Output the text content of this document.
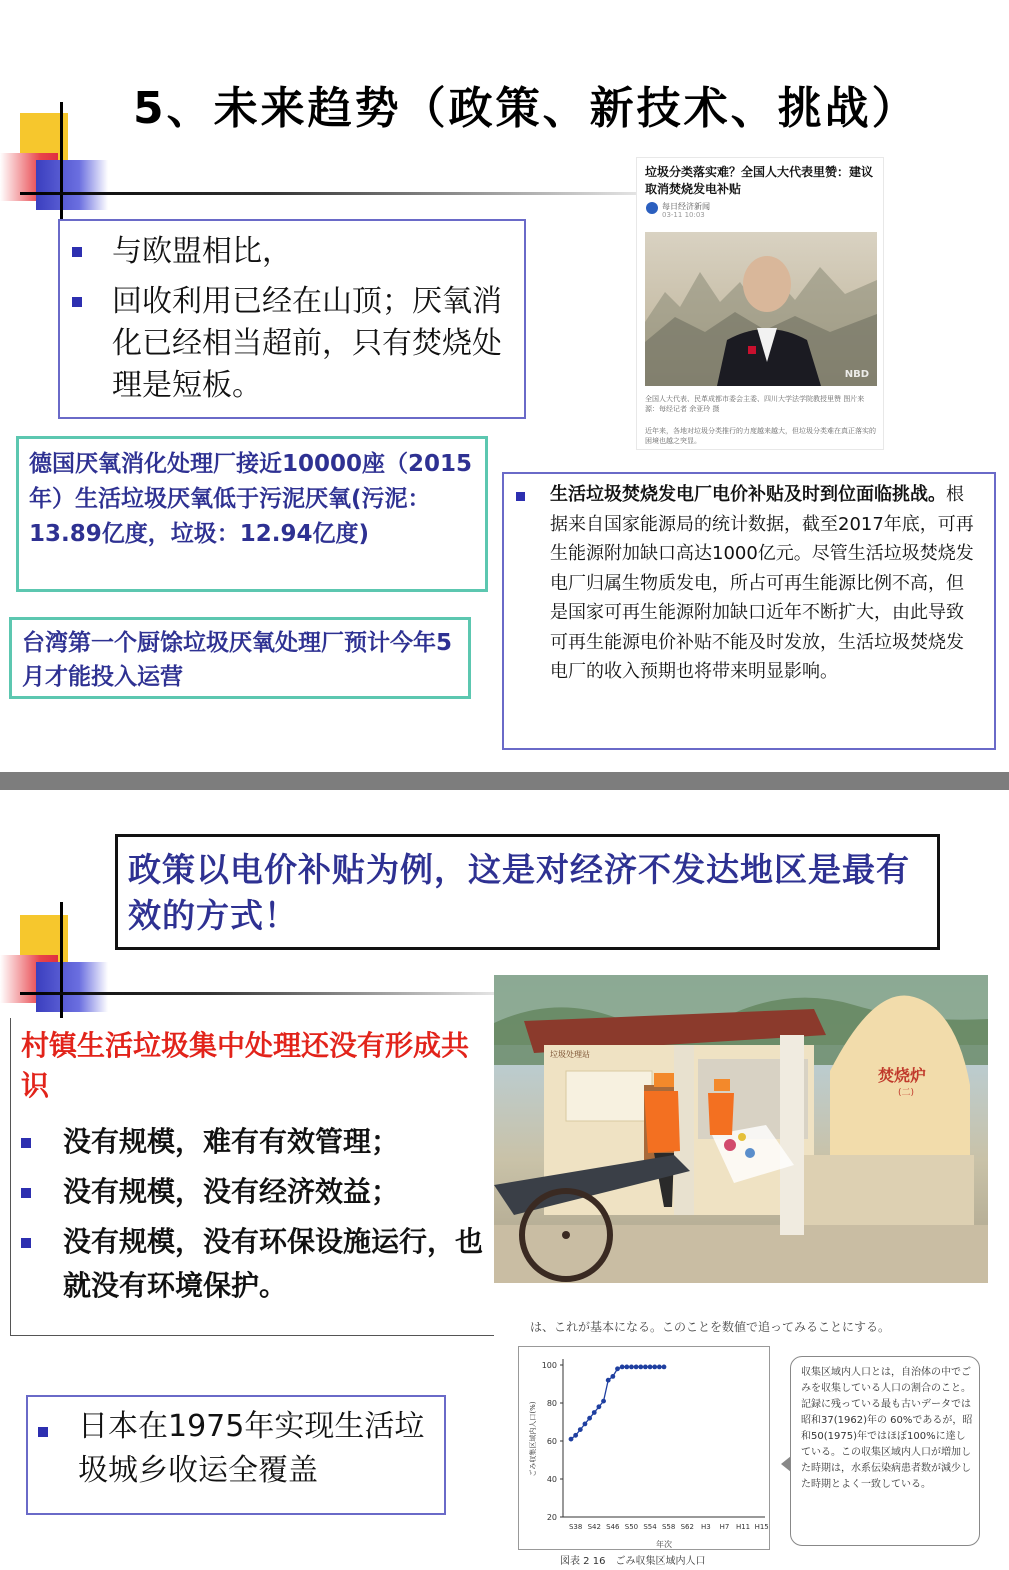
5、未来趋势（政策、新技术、挑战）
与欧盟相比，
回收利用已经在山顶；厌氧消化已经相当超前，只有焚烧处理是短板。

德国厌氧消化处理厂接近10000座（2015年）生活垃圾厌氧低于污泥厌氧(污泥：13.89亿度，垃圾：12.94亿度)

台湾第一个厨馀垃圾厌氧处理厂预计今年5月才能投入运营

垃圾分类落实难？全国人大代表里赞：建议取消焚烧发电补贴

每日经济新闻
03-11 10:03
NBD

全国人大代表、民革成都市委会主委、四川大学法学院教授里赞 图片来源：每经记者 余亚玲 摄

近年来，各地对垃圾分类推行的力度越来越大，但垃圾分类难在真正落实的困境也越之突显。

生活垃圾焚烧发电厂电价补贴及时到位面临挑战。根据来自国家能源局的统计数据，截至2017年底，可再生能源附加缺口高达1000亿元。尽管生活垃圾焚烧发电厂归属生物质发电，所占可再生能源比例不高，但是国家可再生能源附加缺口近年不断扩大，由此导致可再生能源电价补贴不能及时发放，生活垃圾焚烧发电厂的收入预期也将带来明显影响。

政策以电价补贴为例，这是对经济不发达地区是最有效的方式！

村镇生活垃圾集中处理还没有形成共识

没有规模，难有有效管理；
没有规模，没有经济效益；
没有规模，没有环保设施运行，也就没有环境保护。
垃圾处理站
焚烧炉
(二)

日本在1975年实现生活垃圾城乡收运全覆盖

は、これが基本になる。このことを数値で追ってみることにする。

20
40
60
80
100
S38 S42 S46 S50 S54 S58 S62 H3 H7 H11 H15
年次
ごみ収集区域内人口(%)

収集区域内人口とは，自治体の中でごみを収集している人口の割合のこと。記録に残っている最も古いデータでは昭和37(1962)年の 60%であるが，昭和50(1975)年ではほぼ100%に達している。この収集区域内人口が増加した時期は，水系伝染病患者数が減少した時期とよく一致している。

図表 2 16　ごみ収集区域内人口
